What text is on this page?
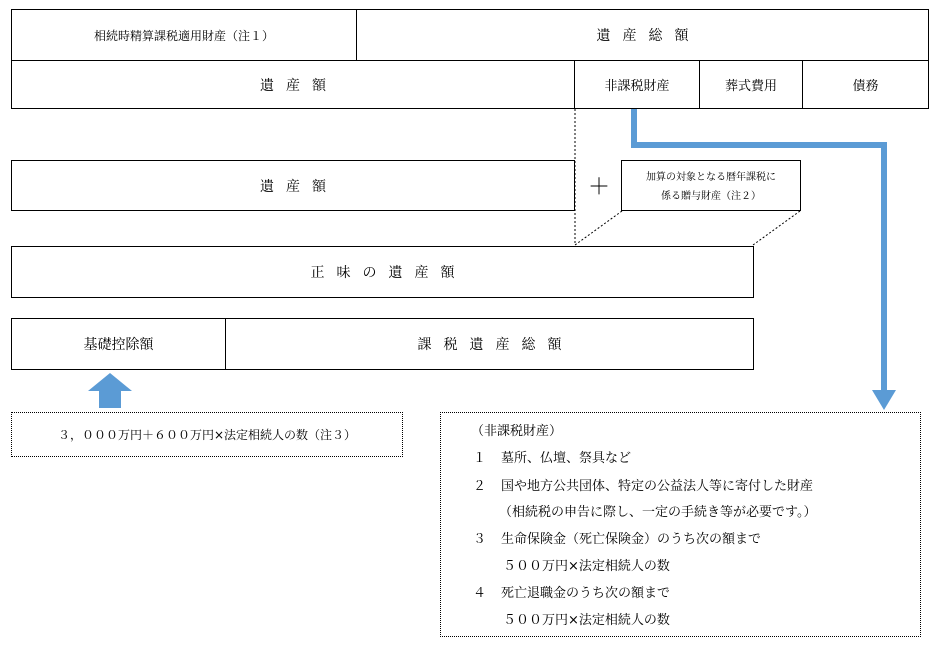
相続時精算課税適用財産（注１）	遺産総額
遺産額	非課税財産	葬式費用	債務
遺産額	＋	加算の対象となる暦年課税に
係る贈与財産（注２）
正味の遺産額
基礎控除額	課税遺産総額
３，０００万円＋６００万円×法定相続人の数（注３）	（非課税財産）
１ 墓所、仏壇、祭具など
２ 国や地方公共団体、特定の公益法人等に寄付した財産
（相続税の申告に際し、一定の手続き等が必要です。）
３ 生命保険金（死亡保険金）のうち次の額まで
５００万円×法定相続人の数
４ 死亡退職金のうち次の額まで
５００万円×法定相続人の数
